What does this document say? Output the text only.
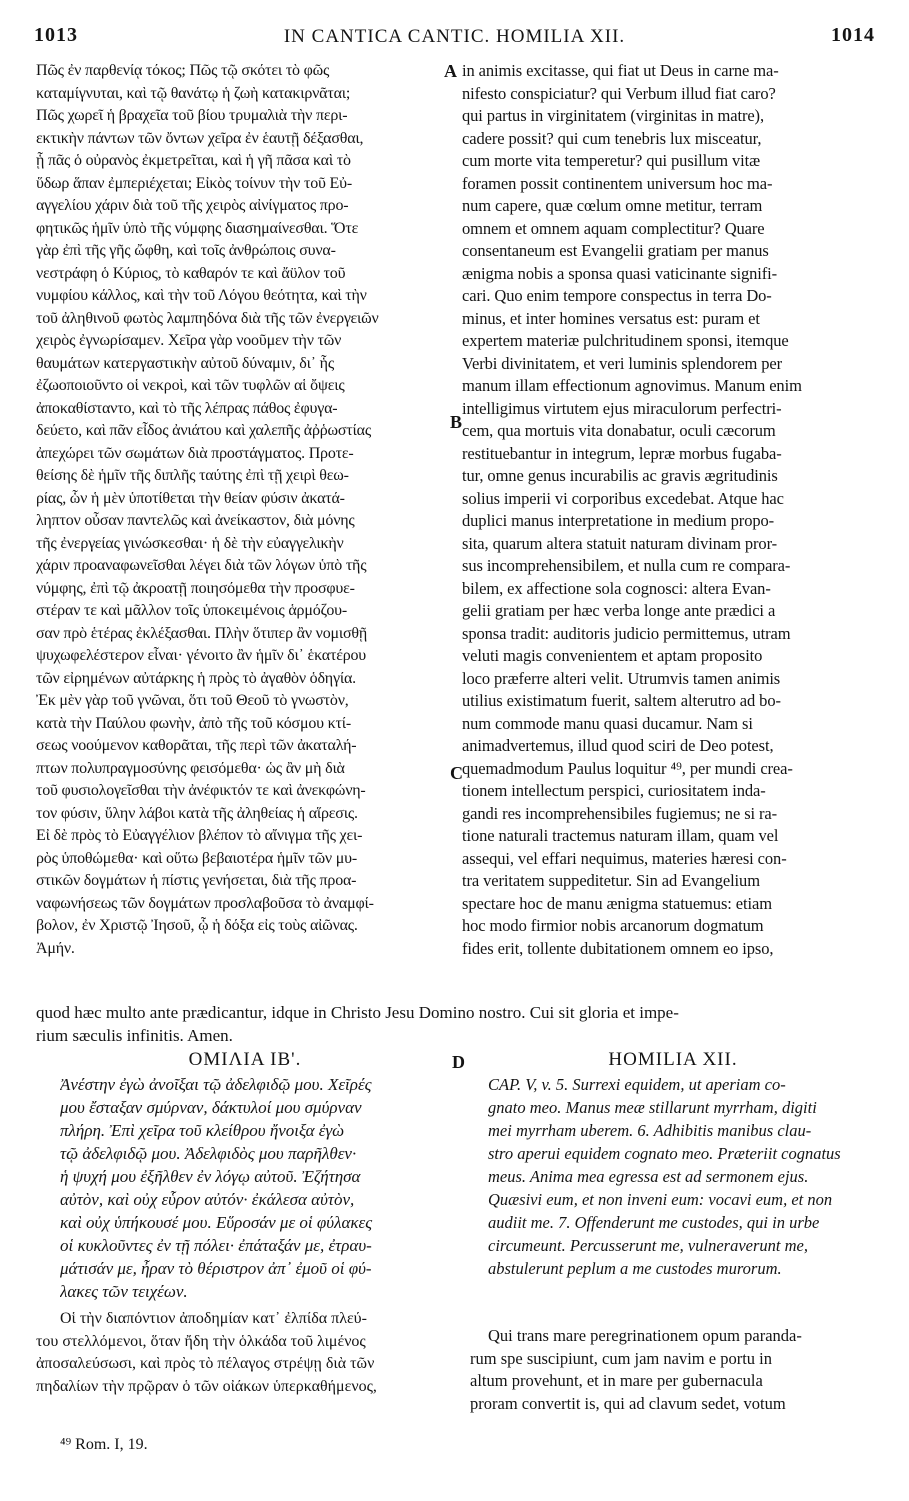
1013	IN CANTICA CANTIC. HOMILIA XII.	1014
Πῶς ἐν παρθενίᾳ τόκος; Πῶς τῷ σκότει τὸ φῶς
καταμίγνυται, καὶ τῷ θανάτῳ ἡ ζωὴ κατακιρνᾶται;
Πῶς χωρεῖ ἡ βραχεῖα τοῦ βίου τρυμαλιὰ τὴν περι-
εκτικὴν πάντων τῶν ὄντων χεῖρα ἐν ἑαυτῇ δέξασθαι,
ᾗ πᾶς ὁ οὐρανὸς ἐκμετρεῖται, καὶ ἡ γῆ πᾶσα καὶ τὸ
ὕδωρ ἅπαν ἐμπεριέχεται; Εἰκὸς τοίνυν τὴν τοῦ Εὐ-
αγγελίου χάριν διὰ τοῦ τῆς χειρὸς αἰνίγματος προ-
φητικῶς ἡμῖν ὑπὸ τῆς νύμφης διασημαίνεσθαι. Ὅτε
γὰρ ἐπὶ τῆς γῆς ὤφθη, καὶ τοῖς ἀνθρώποις συνα-
νεστράφη ὁ Κύριος, τὸ καθαρόν τε καὶ ἄϋλον τοῦ
νυμφίου κάλλος, καὶ τὴν τοῦ Λόγου θεότητα, καὶ τὴν
τοῦ ἀληθινοῦ φωτὸς λαμπηδόνα διὰ τῆς τῶν ἐνεργειῶν
χειρὸς ἐγνωρίσαμεν. Χεῖρα γὰρ νοοῦμεν τὴν τῶν
θαυμάτων κατεργαστικὴν αὐτοῦ δύναμιν, δι᾽ ἧς
ἐζωοποιοῦντο οἱ νεκροὶ, καὶ τῶν τυφλῶν αἱ ὄψεις
ἀποκαθίσταντο, καὶ τὸ τῆς λέπρας πάθος ἐφυγα-
δεύετο, καὶ πᾶν εἶδος ἀνιάτου καὶ χαλεπῆς ἀῤῥωστίας
ἀπεχώρει τῶν σωμάτων διὰ προστάγματος. Προτε-
θείσης δὲ ἡμῖν τῆς διπλῆς ταύτης ἐπὶ τῇ χειρὶ θεω-
ρίας, ὧν ἡ μὲν ὑποτίθεται τὴν θείαν φύσιν ἀκατά-
ληπτον οὖσαν παντελῶς καὶ ἀνείκαστον, διὰ μόνης
τῆς ἐνεργείας γινώσκεσθαι· ἡ δὲ τὴν εὐαγγελικὴν
χάριν προαναφωνεῖσθαι λέγει διὰ τῶν λόγων ὑπὸ τῆς
νύμφης, ἐπὶ τῷ ἀκροατῇ ποιησόμεθα τὴν προσφυε-
στέραν τε καὶ μᾶλλον τοῖς ὑποκειμένοις ἁρμόζου-
σαν πρὸ ἑτέρας ἐκλέξασθαι. Πλὴν ὅτιπερ ἂν νομισθῇ
ψυχωφελέστερον εἶναι· γένοιτο ἂν ἡμῖν δι᾽ ἑκατέρου
τῶν εἰρημένων αὐτάρκης ἡ πρὸς τὸ ἀγαθὸν ὁδηγία.
Ἐκ μὲν γὰρ τοῦ γνῶναι, ὅτι τοῦ Θεοῦ τὸ γνωστὸν,
κατὰ τὴν Παύλου φωνὴν, ἀπὸ τῆς τοῦ κόσμου κτί-
σεως νοούμενον καθορᾶται, τῆς περὶ τῶν ἀκαταλή-
πτων πολυπραγμοσύνης φεισόμεθα· ὡς ἂν μὴ διὰ
τοῦ φυσιολογεῖσθαι τὴν ἀνέφικτόν τε καὶ ἀνεκφώνη-
τον φύσιν, ὕλην λάβοι κατὰ τῆς ἀληθείας ἡ αἵρεσις.
Εἰ δὲ πρὸς τὸ Εὐαγγέλιον βλέπον τὸ αἴνιγμα τῆς χει-
ρὸς ὑποθώμεθα· καὶ οὕτω βεβαιοτέρα ἡμῖν τῶν μυ-
στικῶν δογμάτων ἡ πίστις γενήσεται, διὰ τῆς προα-
ναφωνήσεως τῶν δογμάτων προσλαβοῦσα τὸ ἀναμφί-
βολον, ἐν Χριστῷ Ἰησοῦ, ᾧ ἡ δόξα εἰς τοὺς αἰῶνας.
Ἀμήν.
in animis excitasse, qui fiat ut Deus in carne ma-
nifesto conspiciatur? qui Verbum illud fiat caro?
qui partus in virginitatem (virginitas in matre),
cadere possit? qui cum tenebris lux misceatur,
cum morte vita temperetur? qui pusillum vitæ
foramen possit continentem universum hoc ma-
num capere, quæ cœlum omne metitur, terram
omnem et omnem aquam complectitur? Quare
consentaneum est Evangelii gratiam per manus
ænigma nobis a sponsa quasi vaticinante signifi-
cari. Quo enim tempore conspectus in terra Do-
minus, et inter homines versatus est: puram et
expertem materiæ pulchritudinem sponsi, itemque
Verbi divinitatem, et veri luminis splendorem per
manum illam effectionum agnovimus. Manum enim
intelligimus virtutem ejus miraculorum perfectri-
cem, qua mortuis vita donabatur, oculi cæcorum
restituebantur in integrum, lepræ morbus fugaba-
tur, omne genus incurabilis ac gravis ægritudinis
solius imperii vi corporibus excedebat. Atque hac
duplici manus interpretatione in medium propo-
sita, quarum altera statuit naturam divinam pror-
sus incomprehensibilem, et nulla cum re compara-
bilem, ex affectione sola cognosci: altera Evan-
gelii gratiam per hæc verba longe ante prædici a
sponsa tradit: auditoris judicio permittemus, utram
veluti magis convenientem et aptam proposito
loco præferre alteri velit. Utrumvis tamen animis
utilius existimatum fuerit, saltem alterutro ad bo-
num commode manu quasi ducamur. Nam si
animadvertemus, illud quod sciri de Deo potest,
quemadmodum Paulus loquitur ⁴⁹, per mundi crea-
tionem intellectum perspici, curiositatem inda-
gandi res incomprehensibiles fugiemus; ne si ra-
tione naturali tractemus naturam illam, quam vel
assequi, vel effari nequimus, materies hæresi con-
tra veritatem suppeditetur. Sin ad Evangelium
spectare hoc de manu ænigma statuemus: etiam
hoc modo firmior nobis arcanorum dogmatum
fides erit, tollente dubitationem omnem eo ipso,
A
B
C
D
quod hæc multo ante prædicantur, idque in Christo Jesu Domino nostro. Cui sit gloria et impe-
rium sæculis infinitis. Amen.
ΟΜΙΛΙΑ ΙΒ'.	HOMILIA XII.
Ἀνέστην ἐγὼ ἀνοῖξαι τῷ ἀδελφιδῷ μου. Χεῖρές
μου ἔσταξαν σμύρναν, δάκτυλοί μου σμύρναν
πλήρη. Ἐπὶ χεῖρα τοῦ κλείθρου ἤνοιξα ἐγὼ
τῷ ἀδελφιδῷ μου. Ἀδελφιδὸς μου παρῆλθεν·
ἡ ψυχή μου ἐξῆλθεν ἐν λόγῳ αὐτοῦ. Ἐζήτησα
αὐτὸν, καὶ οὐχ εὗρον αὐτόν· ἐκάλεσα αὐτὸν,
καὶ οὐχ ὑπήκουσέ μου. Εὕροσάν με οἱ φύλακες
οἱ κυκλοῦντες ἐν τῇ πόλει· ἐπάταξάν με, ἐτραυ-
μάτισάν με, ἦραν τὸ θέριστρον ἀπ᾽ ἐμοῦ οἱ φύ-
λακες τῶν τειχέων.
Οἱ τὴν διαπόντιον ἀποδημίαν κατ᾽ ἐλπίδα πλεύ-
του στελλόμενοι, ὅταν ἤδη τὴν ὁλκάδα τοῦ λιμένος
ἀποσαλεύσωσι, καὶ πρὸς τὸ πέλαγος στρέψῃ διὰ τῶν
πηδαλίων τὴν πρῷραν ὁ τῶν οἰάκων ὑπερκαθήμενος,
CAP. V, v. 5. Surrexi equidem, ut aperiam co-
gnato meo. Manus meæ stillarunt myrrham, digiti
mei myrrham uberem. 6. Adhibitis manibus clau-
stro aperui equidem cognato meo. Præteriit cognatus
meus. Anima mea egressa est ad sermonem ejus.
Quæsivi eum, et non inveni eum: vocavi eum, et non
audiit me. 7. Offenderunt me custodes, qui in urbe
circumeunt. Percusserunt me, vulneraverunt me,
abstulerunt peplum a me custodes murorum.
Qui trans mare peregrinationem opum paranda-
rum spe suscipiunt, cum jam navim e portu in
altum provehunt, et in mare per gubernacula
proram convertit is, qui ad clavum sedet, votum
⁴⁹ Rom. I, 19.
